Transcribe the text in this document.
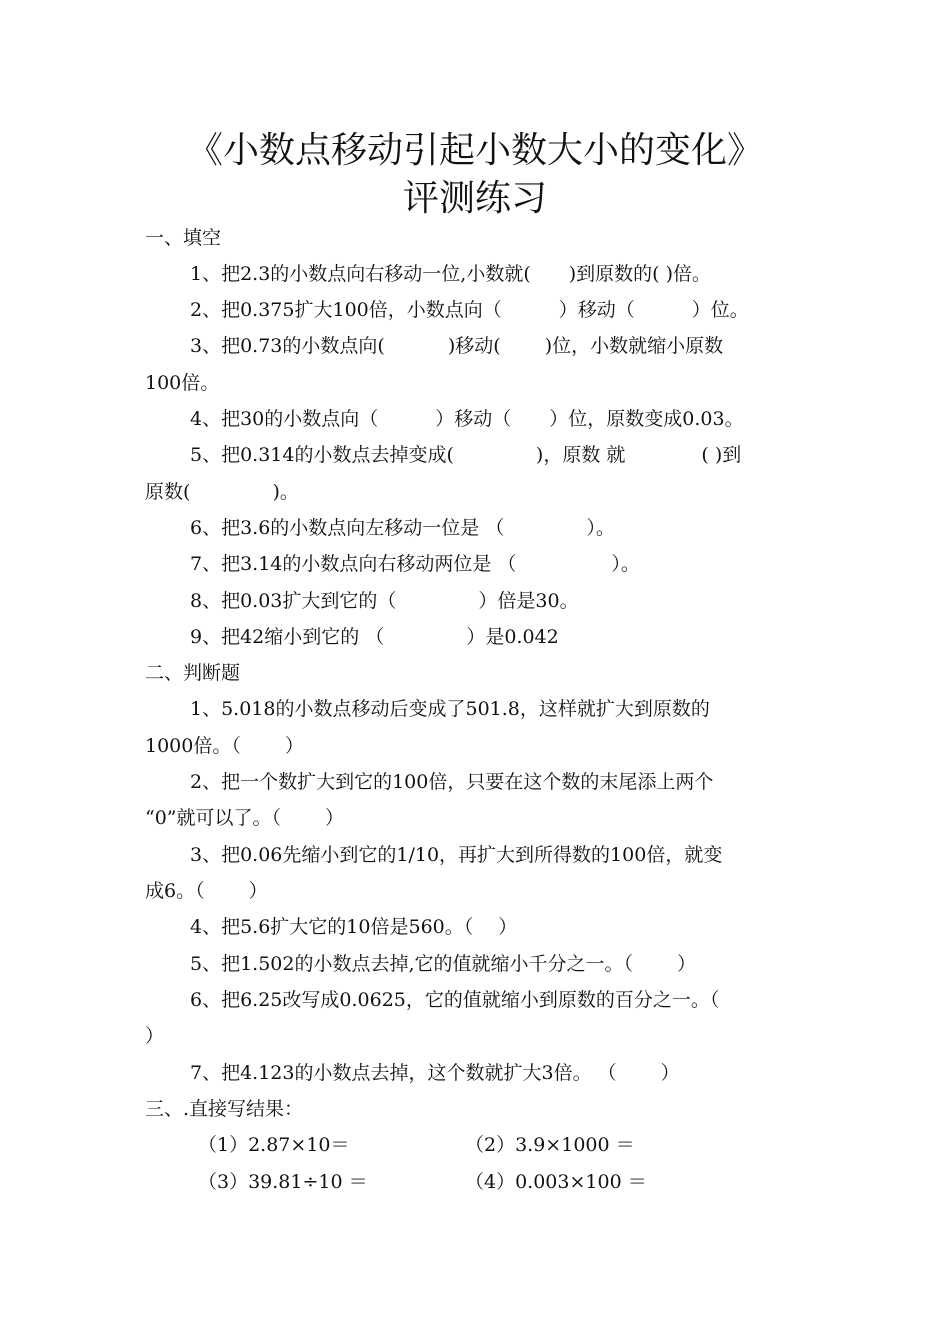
《小数点移动引起小数大小的变化》
评测练习
一、填空
1、把2.3的小数点向右移动一位,小数就(　　)到原数的( )倍。
2、把0.375扩大100倍，小数点向（　　　）移动（　　　）位。
3、把0.73的小数点向(　　　 )移动(　　 )位，小数就缩小原数
100倍。
4、把30的小数点向（　　　）移动（　　）位，原数变成0.03。
5、把0.314的小数点去掉变成(　　　　 )，原数 就　　　　( )到
原数(　　　　 )。
6、把3.6的小数点向左移动一位是 （　　　　 ）。
7、把3.14的小数点向右移动两位是 （　　　　　）。
8、把0.03扩大到它的（　　　　 ）倍是30。
9、把42缩小到它的 （　　　　 ）是0.042
二、判断题
1、5.018的小数点移动后变成了501.8，这样就扩大到原数的
1000倍。（　　 ）
2、把一个数扩大到它的100倍，只要在这个数的末尾添上两个
“0”就可以了。（　　 ）
3、把0.06先缩小到它的1/10，再扩大到所得数的100倍，就变
成6。（　　 ）
4、把5.6扩大它的10倍是560。（　 ）
5、把1.502的小数点去掉,它的值就缩小千分之一。（　　 ）
6、把6.25改写成0.0625，它的值就缩小到原数的百分之一。（
）
7、把4.123的小数点去掉，这个数就扩大3倍。 （　　 ）
三、.直接写结果：
（1）2.87×10＝	（2）3.9×1000 ＝
（3）39.81÷10 ＝	（4）0.003×100 ＝
